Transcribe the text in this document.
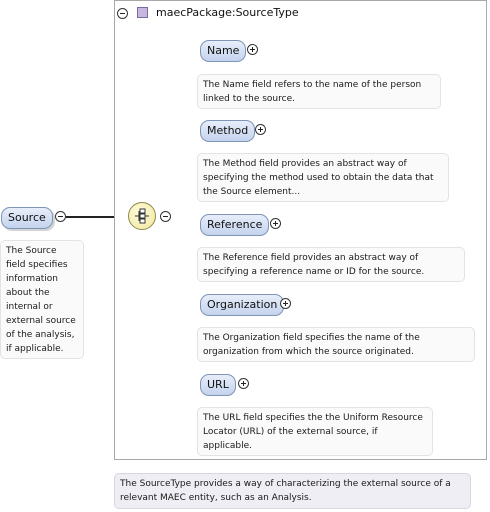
maecPackage:SourceType
Source
The Source field specifies information about the internal or external source of the analysis, if applicable.
Name
The Name field refers to the name of the person linked to the source.
Method
The Method field provides an abstract way of specifying the method used to obtain the data that the Source element...
Reference
The Reference field provides an abstract way of specifying a reference name or ID for the source.
Organization
The Organization field specifies the name of the organization from which the source originated.
URL
The URL field specifies the the Uniform Resource Locator (URL) of the external source, if applicable.
The SourceType provides a way of characterizing the external source of a relevant MAEC entity, such as an Analysis.
